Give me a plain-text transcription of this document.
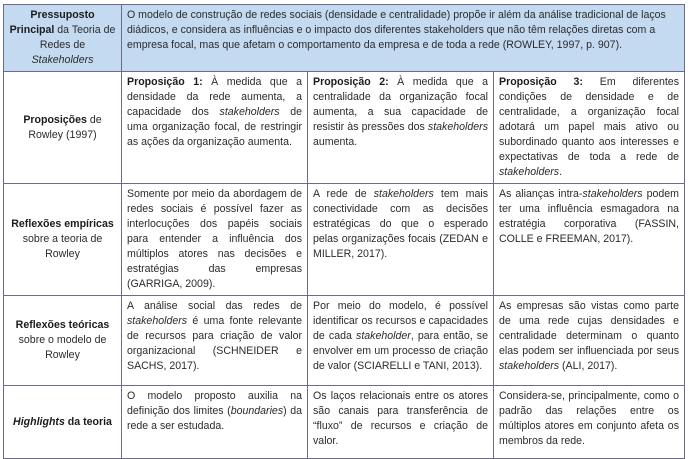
Pressuposto
Principal da Teoria de Redes de Stakeholders	O modelo de construção de redes sociais (densidade e centralidade) propõe ir além da análise tradicional de laços diádicos, e considera as influências e o impacto dos diferentes stakeholders que não têm relações diretas com a empresa focal, mas que afetam o comportamento da empresa e de toda a rede (ROWLEY, 1997, p. 907).		
Proposições de Rowley (1997)	Proposição 1: À medida que a densidade da rede aumenta, a capacidade dos stakeholders de uma organização focal, de restringir as ações da organização aumenta.	Proposição 2: À medida que a centralidade da organização focal aumenta, a sua capacidade de resistir às pressões dos stakeholders aumenta.	Proposição 3: Em diferentes condições de densidade e de centralidade, a organização focal adotará um papel mais ativo ou subordinado quanto aos interesses e expectativas de toda a rede de stakeholders.
Reflexões empíricas sobre a teoria de Rowley	Somente por meio da abordagem de redes sociais é possível fazer as interlocuções dos papéis sociais para entender a influência dos múltiplos atores nas decisões e estratégias das empresas (GARRIGA, 2009).	A rede de stakeholders tem mais conectividade com as decisões estratégicas do que o esperado pelas organizações focais (ZEDAN e MILLER, 2017).	As alianças intra-stakeholders podem ter uma influência esmagadora na estratégia corporativa (FASSIN, COLLE e FREEMAN, 2017).
Reflexões teóricas sobre o modelo de Rowley	A análise social das redes de stakeholders é uma fonte relevante de recursos para criação de valor organizacional (SCHNEIDER e SACHS, 2017).	Por meio do modelo, é possível identificar os recursos e capacidades de cada stakeholder, para então, se envolver em um processo de criação de valor (SCIARELLI e TANI, 2013).	As empresas são vistas como parte de uma rede cujas densidades e centralidade determinam o quanto elas podem ser influenciada por seus stakeholders (ALI, 2017).
Highlights da teoria	O modelo proposto auxilia na definição dos limites (boundaries) da rede a ser estudada.	Os laços relacionais entre os atores são canais para transferência de “fluxo” de recursos e criação de valor.	Considera-se, principalmente, como o padrão das relações entre os múltiplos atores em conjunto afeta os membros da rede.
